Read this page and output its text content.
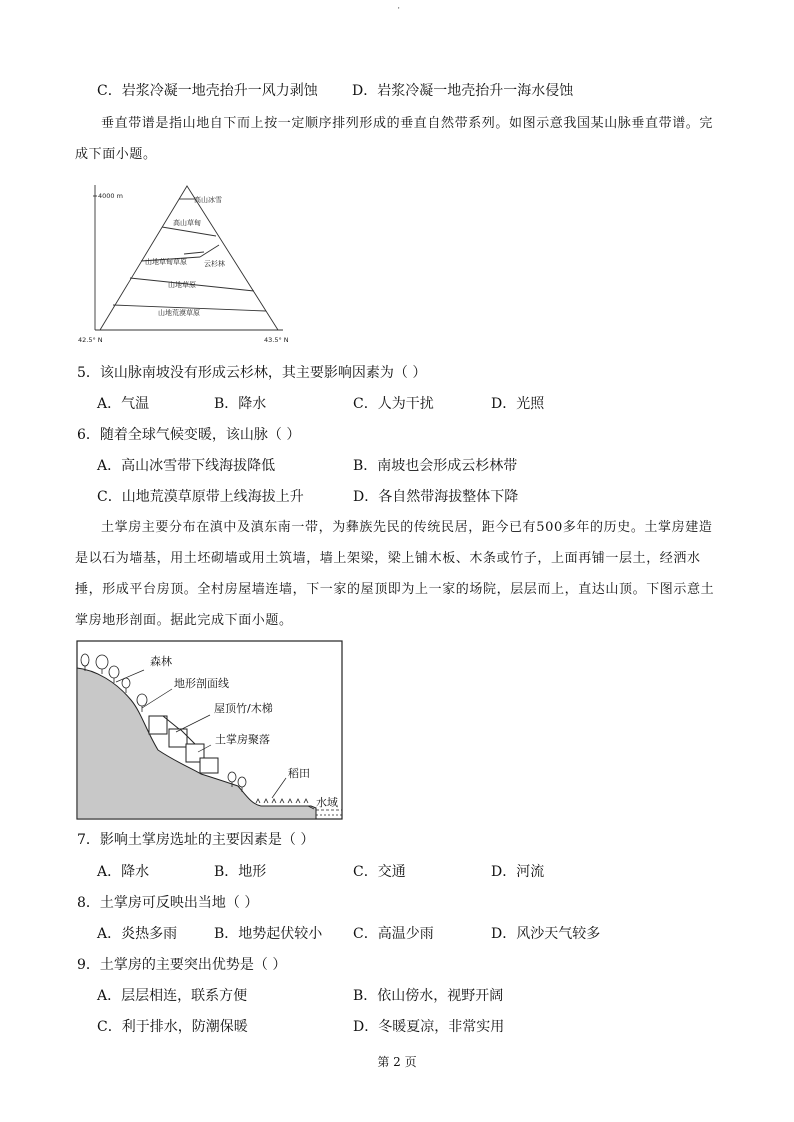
'
C．岩浆冷凝一地壳抬升一风力剥蚀 D．岩浆冷凝一地壳抬升一海水侵蚀
垂直带谱是指山地自下而上按一定顺序排列形成的垂直自然带系列。如图示意我国某山脉垂直带谱。完成下面小题。
4000 m	高山冰雪
高山草甸
山地草甸草原 云杉林
山地草原
山地荒漠草原
42.5° N	43.5° N
5．该山脉南坡没有形成云杉林，其主要影响因素为（ ）
A．气温	B．降水	C．人为干扰	D．光照
6．随着全球气候变暖，该山脉（ ）
A．高山冰雪带下线海拔降低	B．南坡也会形成云杉林带
C．山地荒漠草原带上线海拔上升	D．各自然带海拔整体下降
土掌房主要分布在滇中及滇东南一带，为彝族先民的传统民居，距今已有500多年的历史。土掌房建造是以石为墙基，用土坯砌墙或用土筑墙，墙上架梁，梁上铺木板、木条或竹子，上面再铺一层土，经洒水捶，形成平台房顶。全村房屋墙连墙，下一家的屋顶即为上一家的场院，层层而上，直达山顶。下图示意土掌房地形剖面。据此完成下面小题。
森林
地形剖面线
屋顶竹/木梯
土掌房聚落
稻田
水域
7．影响土掌房选址的主要因素是（ ）
A．降水	B．地形	C．交通	D．河流
8．土掌房可反映出当地（ ）
A．炎热多雨	B．地势起伏较小 C．高温少雨	D．风沙天气较多
9．土掌房的主要突出优势是（ ）
A．层层相连，联系方便	B．依山傍水，视野开阔
C．利于排水，防潮保暖	D．冬暖夏凉，非常实用
第 2 页
